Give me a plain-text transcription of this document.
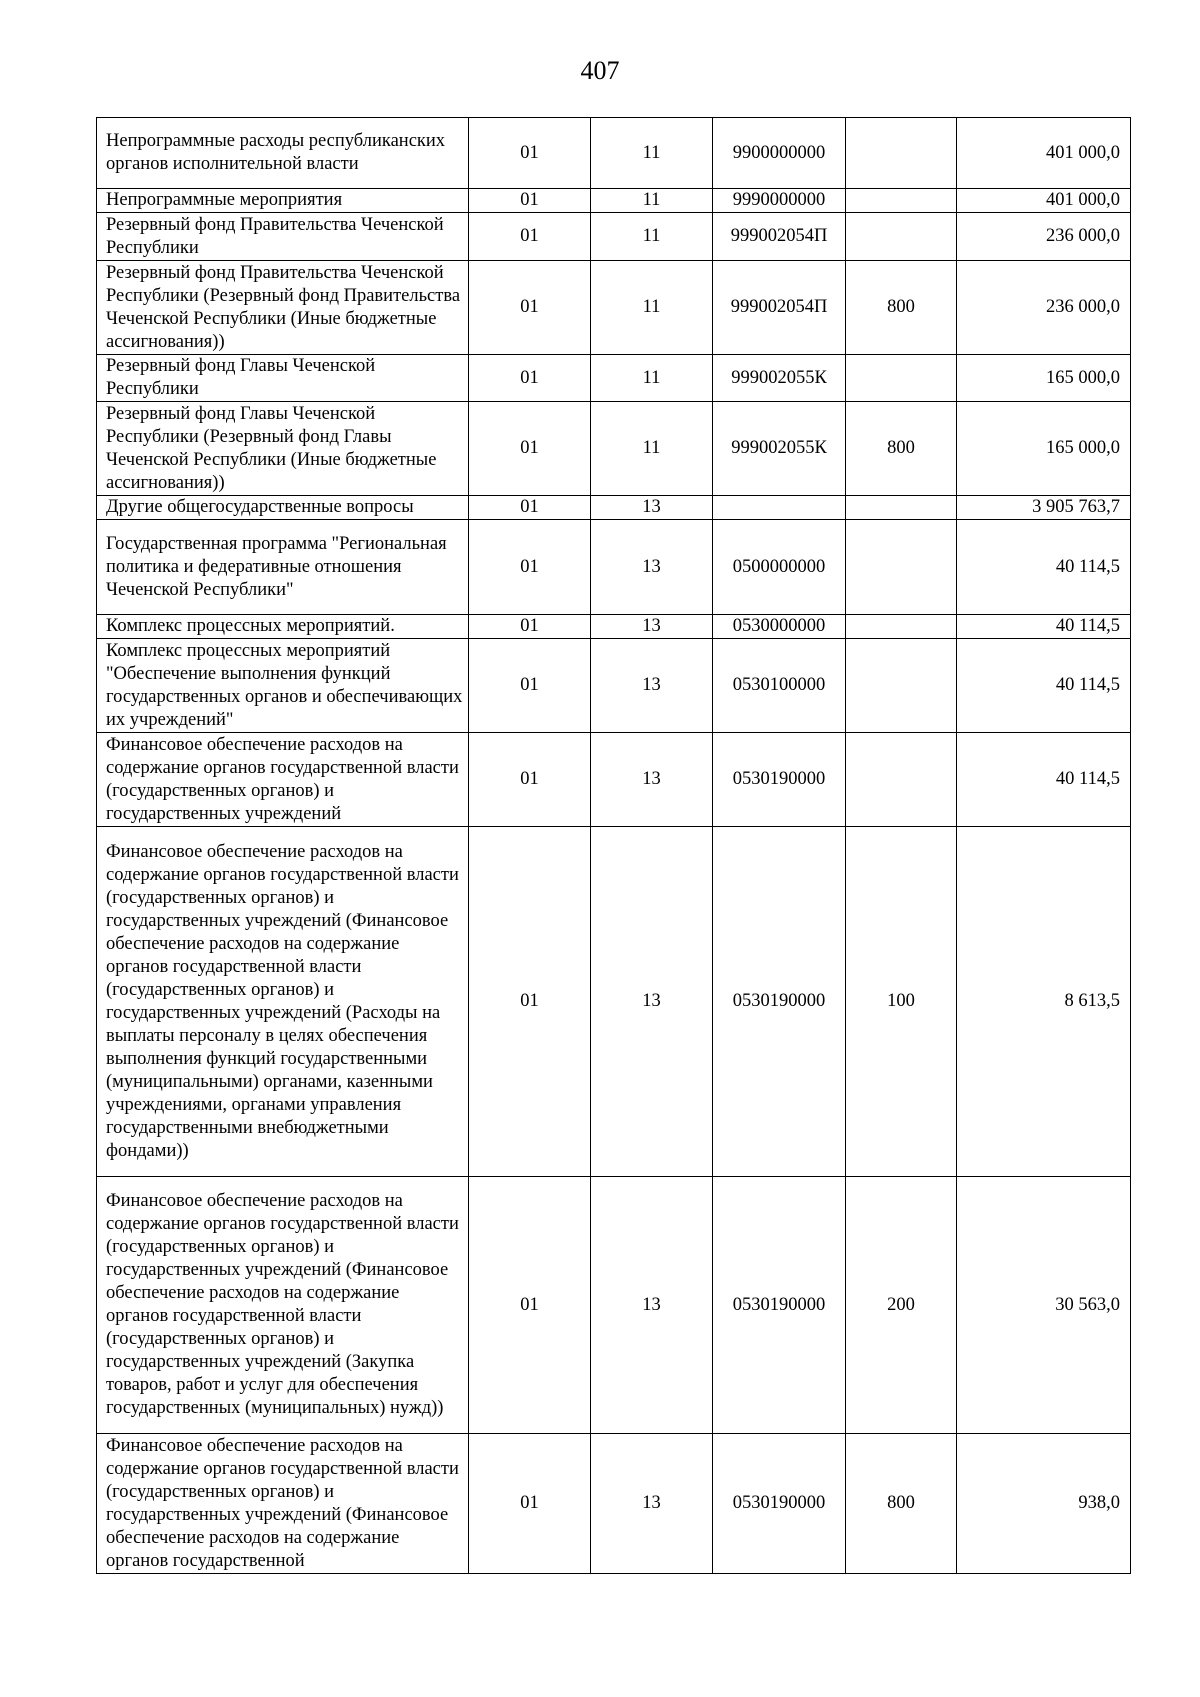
407
Непрограммные расходы республиканских органов исполнительной власти	01	11	9900000000		401 000,0
Непрограммные мероприятия	01	11	9990000000		401 000,0
Резервный фонд Правительства Чеченской Республики	01	11	999002054П		236 000,0
Резервный фонд Правительства Чеченской Республики (Резервный фонд Правительства Чеченской Республики (Иные бюджетные ассигнования))	01	11	999002054П	800	236 000,0
Резервный фонд Главы Чеченской Республики	01	11	999002055К		165 000,0
Резервный фонд Главы Чеченской Республики (Резервный фонд Главы Чеченской Республики (Иные бюджетные ассигнования))	01	11	999002055К	800	165 000,0
Другие общегосударственные вопросы	01	13			3 905 763,7
Государственная программа "Региональная политика и федеративные отношения Чеченской Республики"	01	13	0500000000		40 114,5
Комплекс процессных мероприятий.	01	13	0530000000		40 114,5
Комплекс процессных мероприятий "Обеспечение выполнения функций государственных органов и обеспечивающих их учреждений"	01	13	0530100000		40 114,5
Финансовое обеспечение расходов на содержание органов государственной власти (государственных органов) и государственных учреждений	01	13	0530190000		40 114,5
Финансовое обеспечение расходов на содержание органов государственной власти (государственных органов) и государственных учреждений (Финансовое обеспечение расходов на содержание органов государственной власти (государственных органов) и государственных учреждений (Расходы на выплаты персоналу в целях обеспечения выполнения функций государственными (муниципальными) органами, казенными учреждениями, органами управления государственными внебюджетными фондами))	01	13	0530190000	100	8 613,5
Финансовое обеспечение расходов на содержание органов государственной власти (государственных органов) и государственных учреждений (Финансовое обеспечение расходов на содержание органов государственной власти (государственных органов) и государственных учреждений (Закупка товаров, работ и услуг для обеспечения государственных (муниципальных) нужд))	01	13	0530190000	200	30 563,0
Финансовое обеспечение расходов на содержание органов государственной власти (государственных органов) и государственных учреждений (Финансовое обеспечение расходов на содержание органов государственной	01	13	0530190000	800	938,0
